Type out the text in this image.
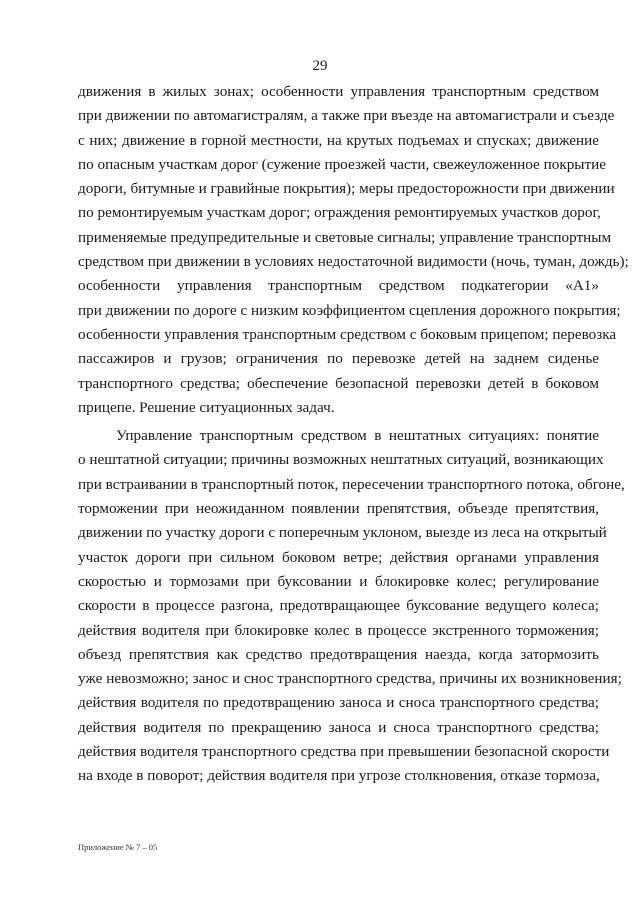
29
движения в жилых зонах; особенности управления транспортным средством
при движении по автомагистралям, а также при въезде на автомагистрали и съезде
с них; движение в горной местности, на крутых подъемах и спусках; движение
по опасным участкам дорог (сужение проезжей части, свежеуложенное покрытие
дороги, битумные и гравийные покрытия); меры предосторожности при движении
по ремонтируемым участкам дорог; ограждения ремонтируемых участков дорог,
применяемые предупредительные и световые сигналы; управление транспортным
средством при движении в условиях недостаточной видимости (ночь, туман, дождь);
особенности управления транспортным средством подкатегории «А1»
при движении по дороге с низким коэффициентом сцепления дорожного покрытия;
особенности управления транспортным средством с боковым прицепом; перевозка
пассажиров и грузов; ограничения по перевозке детей на заднем сиденье
транспортного средства; обеспечение безопасной перевозки детей в боковом
прицепе. Решение ситуационных задач.
Управление транспортным средством в нештатных ситуациях: понятие
о нештатной ситуации; причины возможных нештатных ситуаций, возникающих
при встраивании в транспортный поток, пересечении транспортного потока, обгоне,
торможении при неожиданном появлении препятствия, объезде препятствия,
движении по участку дороги с поперечным уклоном, выезде из леса на открытый
участок дороги при сильном боковом ветре; действия органами управления
скоростью и тормозами при буксовании и блокировке колес; регулирование
скорости в процессе разгона, предотвращающее буксование ведущего колеса;
действия водителя при блокировке колес в процессе экстренного торможения;
объезд препятствия как средство предотвращения наезда, когда затормозить
уже невозможно; занос и снос транспортного средства, причины их возникновения;
действия водителя по предотвращению заноса и сноса транспортного средства;
действия водителя по прекращению заноса и сноса транспортного средства;
действия водителя транспортного средства при превышении безопасной скорости
на входе в поворот; действия водителя при угрозе столкновения, отказе тормоза,
Приложение № 7 – 05
